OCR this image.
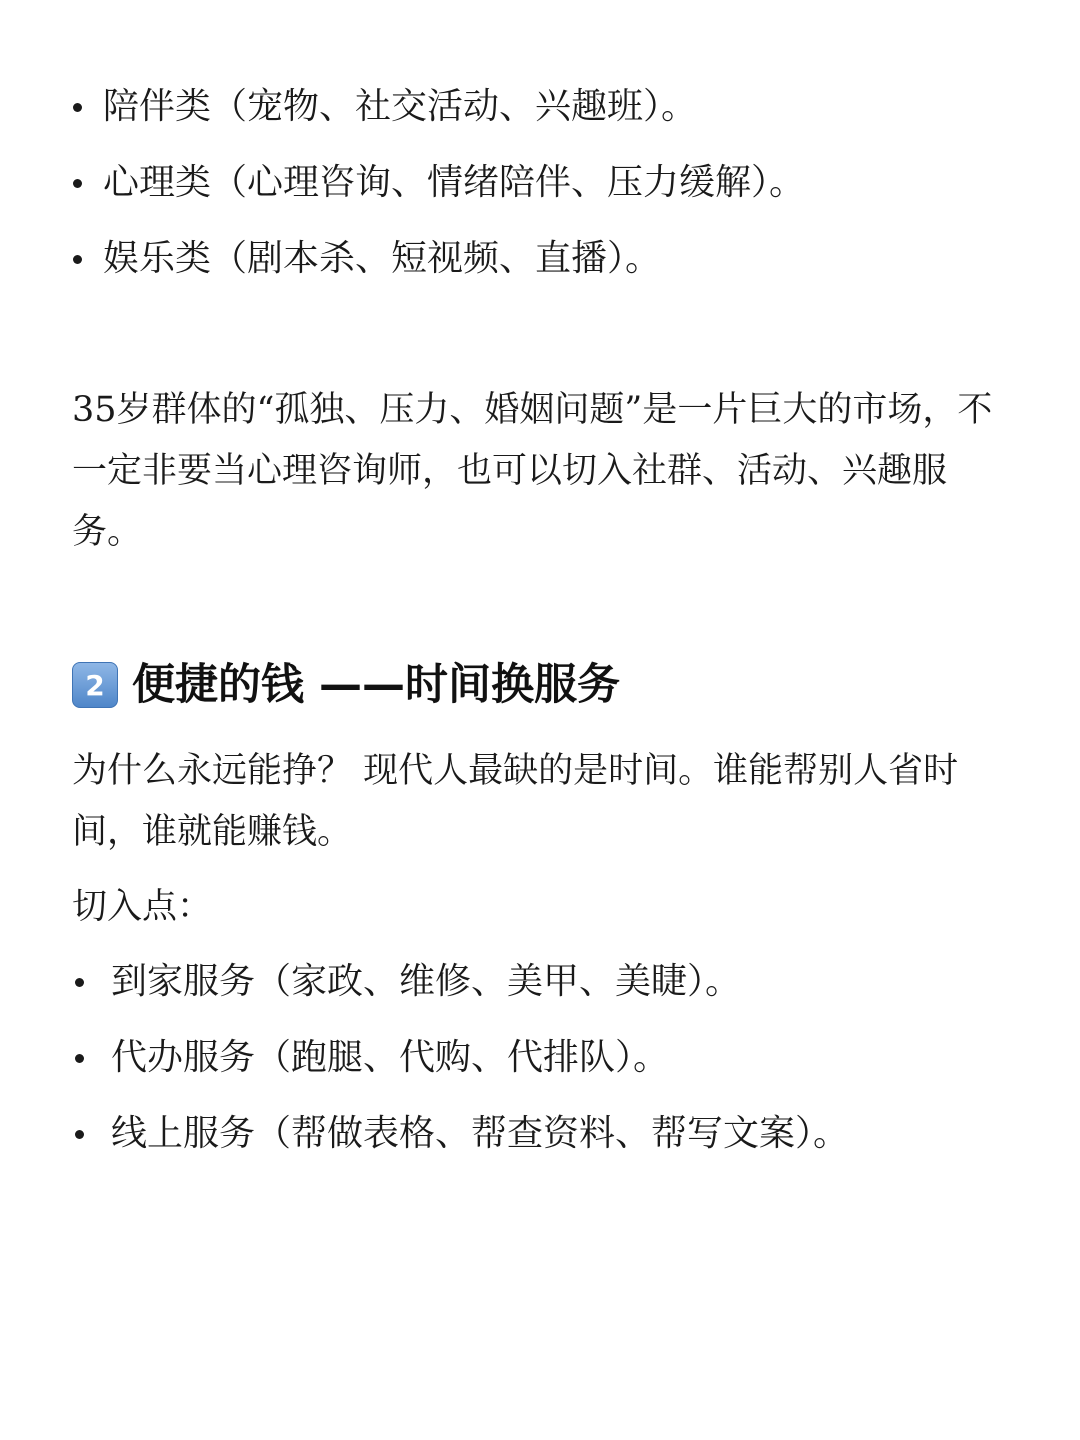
陪伴类（宠物、社交活动、兴趣班）。
心理类（心理咨询、情绪陪伴、压力缓解）。
娱乐类（剧本杀、短视频、直播）。
35岁群体的“孤独、压力、婚姻问题”是一片巨大的市场，不
一定非要当心理咨询师，也可以切入社群、活动、兴趣服
务。
2 便捷的钱 ——时间换服务
为什么永远能挣？ 现代人最缺的是时间。谁能帮别人省时
间，谁就能赚钱。
切入点：
到家服务（家政、维修、美甲、美睫）。
代办服务（跑腿、代购、代排队）。
线上服务（帮做表格、帮查资料、帮写文案）。
